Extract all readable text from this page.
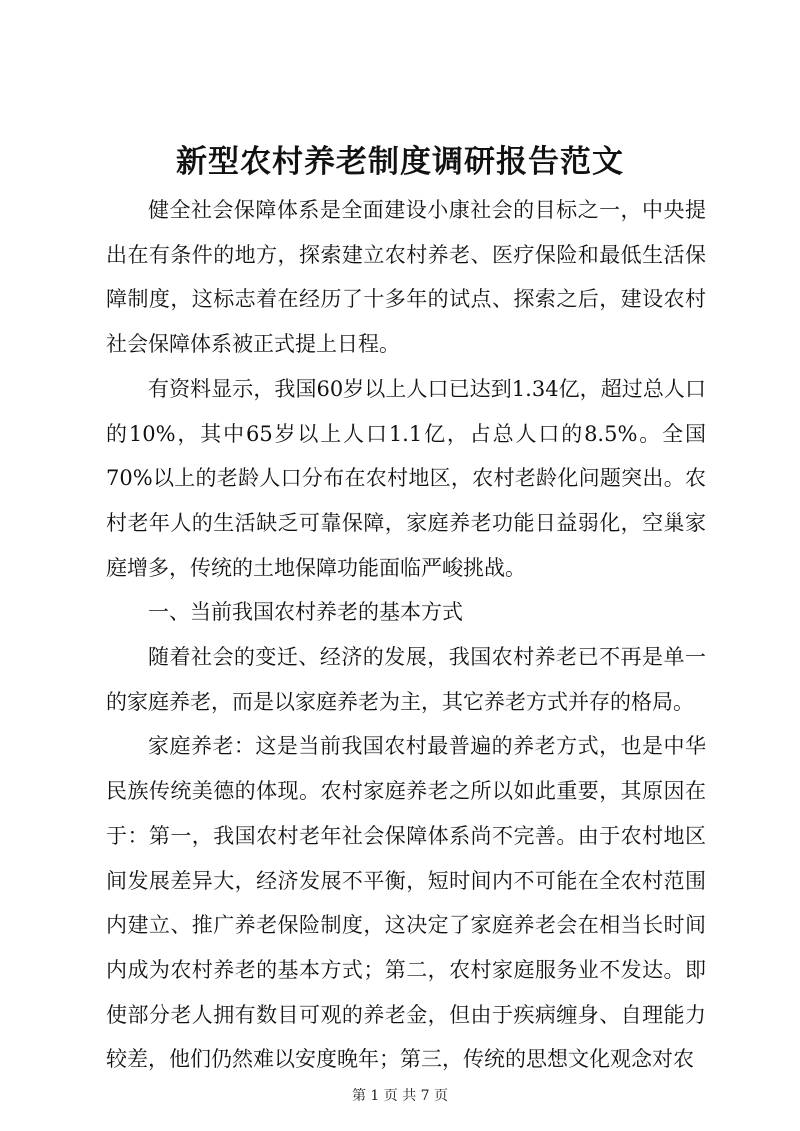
新型农村养老制度调研报告范文

健全社会保障体系是全面建设小康社会的目标之一，中央提出在有条件的地方，探索建立农村养老、医疗保险和最低生活保障制度，这标志着在经历了十多年的试点、探索之后，建设农村社会保障体系被正式提上日程。

有资料显示，我国60岁以上人口已达到1.34亿，超过总人口的10%，其中65岁以上人口1.1亿，占总人口的8.5%。全国70%以上的老龄人口分布在农村地区，农村老龄化问题突出。农村老年人的生活缺乏可靠保障，家庭养老功能日益弱化，空巢家庭增多，传统的土地保障功能面临严峻挑战。

一、当前我国农村养老的基本方式

随着社会的变迁、经济的发展，我国农村养老已不再是单一的家庭养老，而是以家庭养老为主，其它养老方式并存的格局。

家庭养老：这是当前我国农村最普遍的养老方式，也是中华民族传统美德的体现。农村家庭养老之所以如此重要，其原因在于：第一，我国农村老年社会保障体系尚不完善。由于农村地区间发展差异大，经济发展不平衡，短时间内不可能在全农村范围内建立、推广养老保险制度，这决定了家庭养老会在相当长时间内成为农村养老的基本方式；第二，农村家庭服务业不发达。即使部分老人拥有数目可观的养老金，但由于疾病缠身、自理能力较差，他们仍然难以安度晚年；第三，传统的思想文化观念对农

第 1 页 共 7 页
